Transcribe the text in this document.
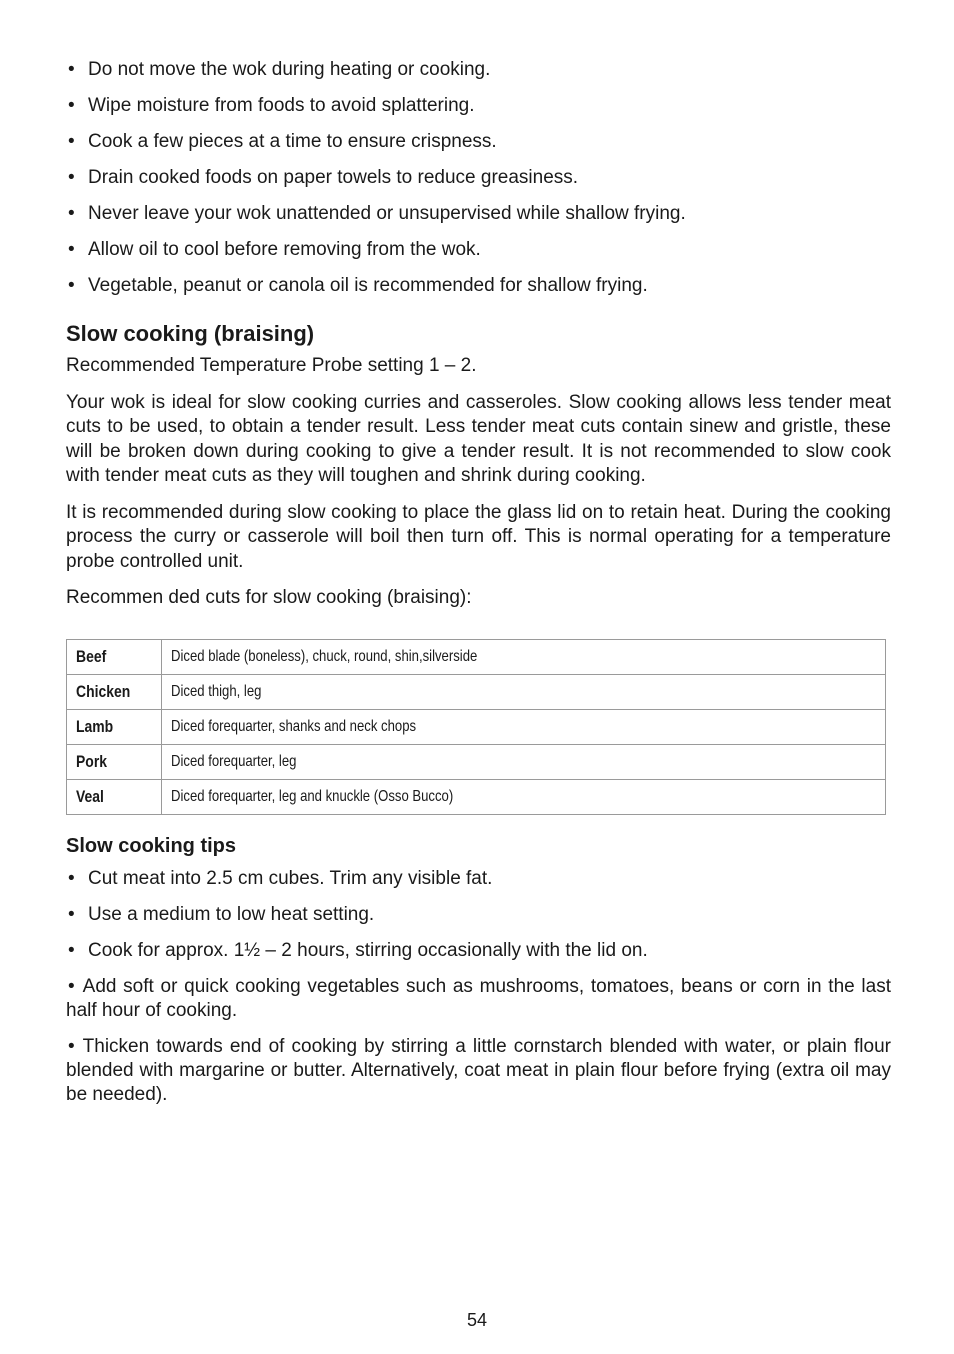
• Do not move the wok during heating or cooking.
• Wipe moisture from foods to avoid splattering.
• Cook a few pieces at a time to ensure crispness.
• Drain cooked foods on paper towels to reduce greasiness.
• Never leave your wok unattended or unsupervised while shallow frying.
• Allow oil to cool before removing from the wok.
• Vegetable, peanut or canola oil is recommended for shallow frying.
Slow cooking (braising)

Recommended Temperature Probe setting 1 – 2.

Your wok is ideal for slow cooking curries and casseroles. Slow cooking allows less tender meat cuts to be used, to obtain a tender result. Less tender meat cuts contain sinew and gristle, these will be broken down during cooking to give a tender result. It is not recommended to slow cook with tender meat cuts as they will toughen and shrink during cooking.

It is recommended during slow cooking to place the glass lid on to retain heat. During the cooking process the curry or casserole will boil then turn off. This is normal operating for a temperature probe controlled unit.

Recommen ded cuts for slow cooking (braising):

Beef	Diced blade (boneless), chuck, round, shin,silverside
Chicken	Diced thigh, leg
Lamb	Diced forequarter, shanks and neck chops
Pork	Diced forequarter, leg
Veal	Diced forequarter, leg and knuckle (Osso Bucco)
Slow cooking tips
• Cut meat into 2.5 cm cubes. Trim any visible fat.
• Use a medium to low heat setting.
• Cook for approx. 1½ – 2 hours, stirring occasionally with the lid on.
• Add soft or quick cooking vegetables such as mushrooms, tomatoes, beans or corn in the last half hour of cooking.
• Thicken towards end of cooking by stirring a little cornstarch blended with water, or plain flour blended with margarine or butter. Alternatively, coat meat in plain flour before frying (extra oil may be needed).
54
